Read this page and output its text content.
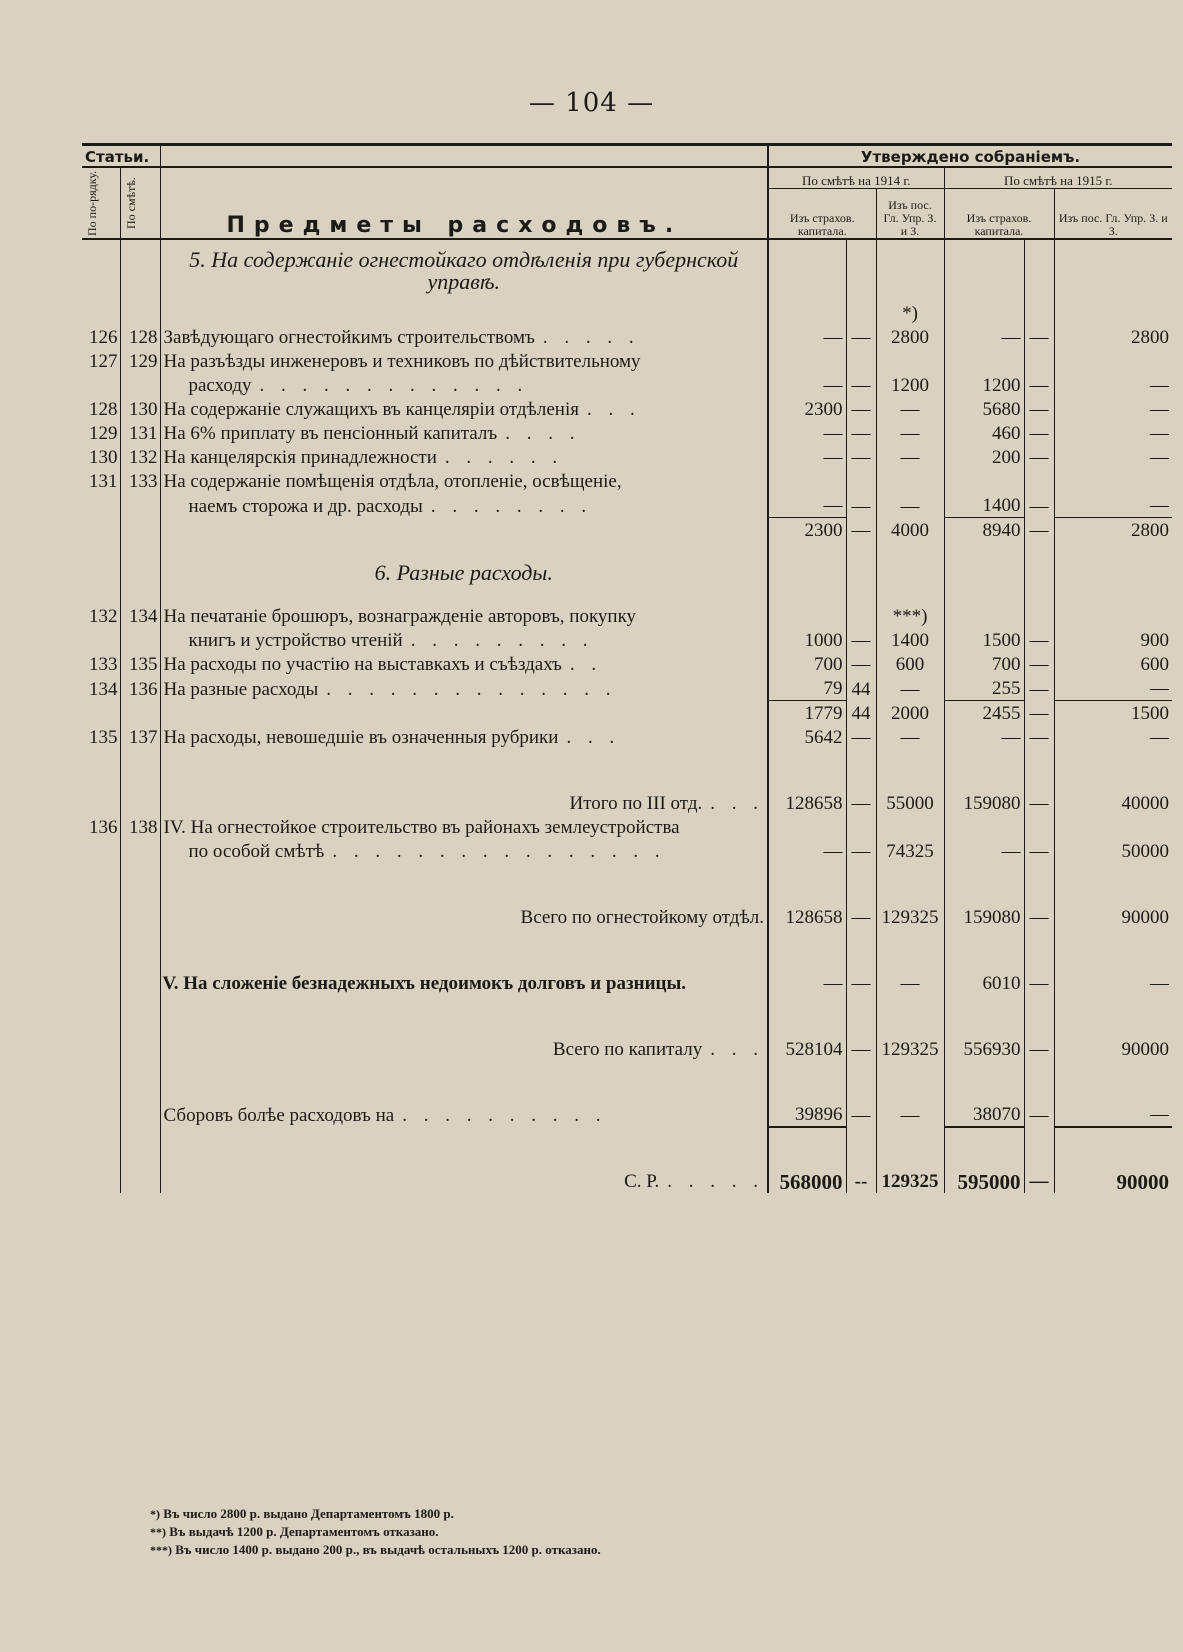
— 104 —
Статьи.			Утверждено собраніемъ.					

По по-рядку.	По смѣтѣ.	Предметы расходовъ.	По смѣтѣ на 1914 г.			По смѣтѣ на 1915 г.		
			Изъ страхов. капитала.		Изъ пос. Гл. Упр. З. и З.	Изъ страхов. капитала.		Изъ пос. Гл. Упр. З. и З.
		5. На содержаніе огнестойкаго отдѣленія при губернской управѣ.						
					*)			
126	128	Завѣдующаго огнестойкимъ строительствомъ . . . . .	—	—	2800	—	—	2800
127	129	На разъѣзды инженеровъ и техниковъ по дѣйствительному						
		расходу . . . . . . . . . . . . .	—	—	1200	1200	—	—
128	130	На содержаніе служащихъ въ канцеляріи отдѣленія . . .	2300	—	—	5680	—	—
129	131	На 6% приплату въ пенсіонный капиталъ . . . .	—	—	—	460	—	—
130	132	На канцелярскія принадлежности . . . . . .	—	—	—	200	—	—
131	133	На содержаніе помѣщенія отдѣла, отопленіе, освѣщеніе,						
		наемъ сторожа и др. расходы . . . . . . . .	—	—	—	1400	—	—
			2300	—	4000	8940	—	2800
		6. Разные расходы.						
132	134	На печатаніе брошюръ, вознагражденіе авторовъ, покупку			***)			
		книгъ и устройство чтеній . . . . . . . . .	1000	—	1400	1500	—	900
133	135	На расходы по участію на выставкахъ и съѣздахъ . .	700	—	600	700	—	600
134	136	На разные расходы . . . . . . . . . . . . . .	79	44	—	255	—	—
			1779	44	2000	2455	—	1500
135	137	На расходы, невошедшіе въ означенныя рубрики . . .	5642	—	—	—	—	—
		Итого по III отд. . . .	128658	—	55000	159080	—	40000
136	138	IV. На огнестойкое строительство въ районахъ землеустройства						
		по особой смѣтѣ . . . . . . . . . . . . . . . .	—	—	74325	—	—	50000
		Всего по огнестойкому отдѣл.	128658	—	129325	159080	—	90000
		V. На сложеніе безнадежныхъ недоимокъ долговъ и разницы.	—	—	—	6010	—	—
		Всего по капиталу . . .	528104	—	129325	556930	—	90000
		Сборовъ болѣе расходовъ на . . . . . . . . . .	39896	—	—	38070	—	—
		С. Р. . . . . .	568000	--	129325	595000	—	90000
*) Въ число 2800 р. выдано Департаментомъ 1800 р.
**) Въ выдачѣ 1200 р. Департаментомъ отказано.
***) Въ число 1400 р. выдано 200 р., въ выдачѣ остальныхъ 1200 р. отказано.
